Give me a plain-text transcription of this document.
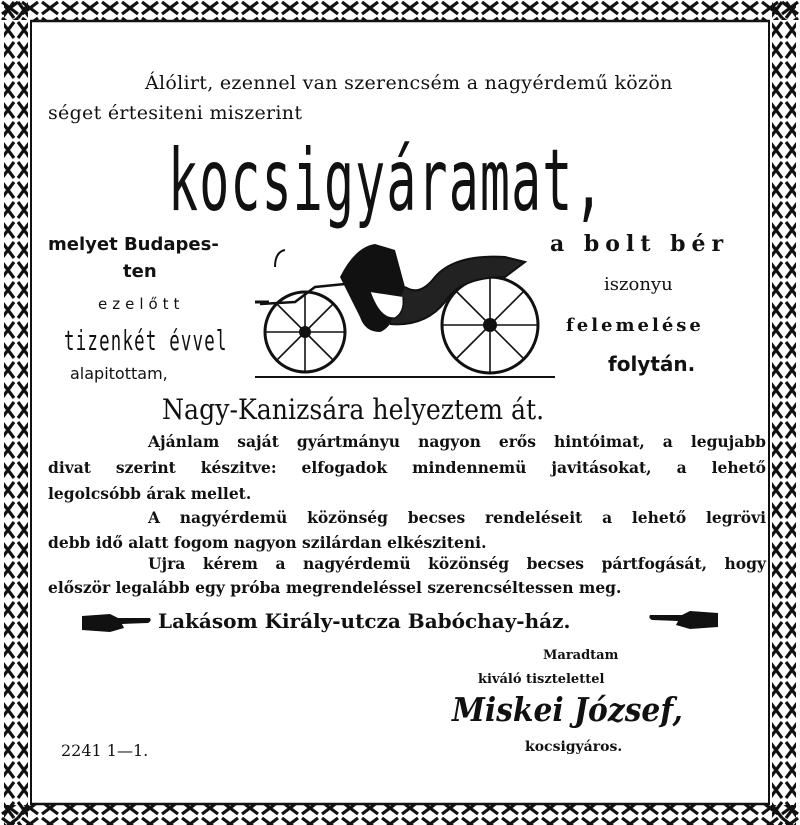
Álólirt, ezennel van szerencsém a nagyérdemű közön

séget értesiteni miszerint

kocsigyáramat,

melyet Budapes-

ten

ezelőtt

tizenkét évvel

alapitottam,

a bolt bér

iszonyu

felemelése

folytán.

Nagy-Kanizsára helyeztem át.

Ajánlam saját gyártmányu nagyon erős hintóimat, a legujabb

divat szerint készitve: elfogadok mindennemü javitásokat, a lehető

legolcsóbb árak mellet.

A nagyérdemü közönség becses rendeléseit a lehető legrövi

debb idő alatt fogom nagyon szilárdan elkésziteni.

Ujra kérem a nagyérdemü közönség becses pártfogását, hogy

először legalább egy próba megrendeléssel szerencséltessen meg.

Lakásom Király-utcza Babóchay-ház.

Maradtam

kiváló tisztelettel

Miskei József,

kocsigyáros.

2241 1—1.
